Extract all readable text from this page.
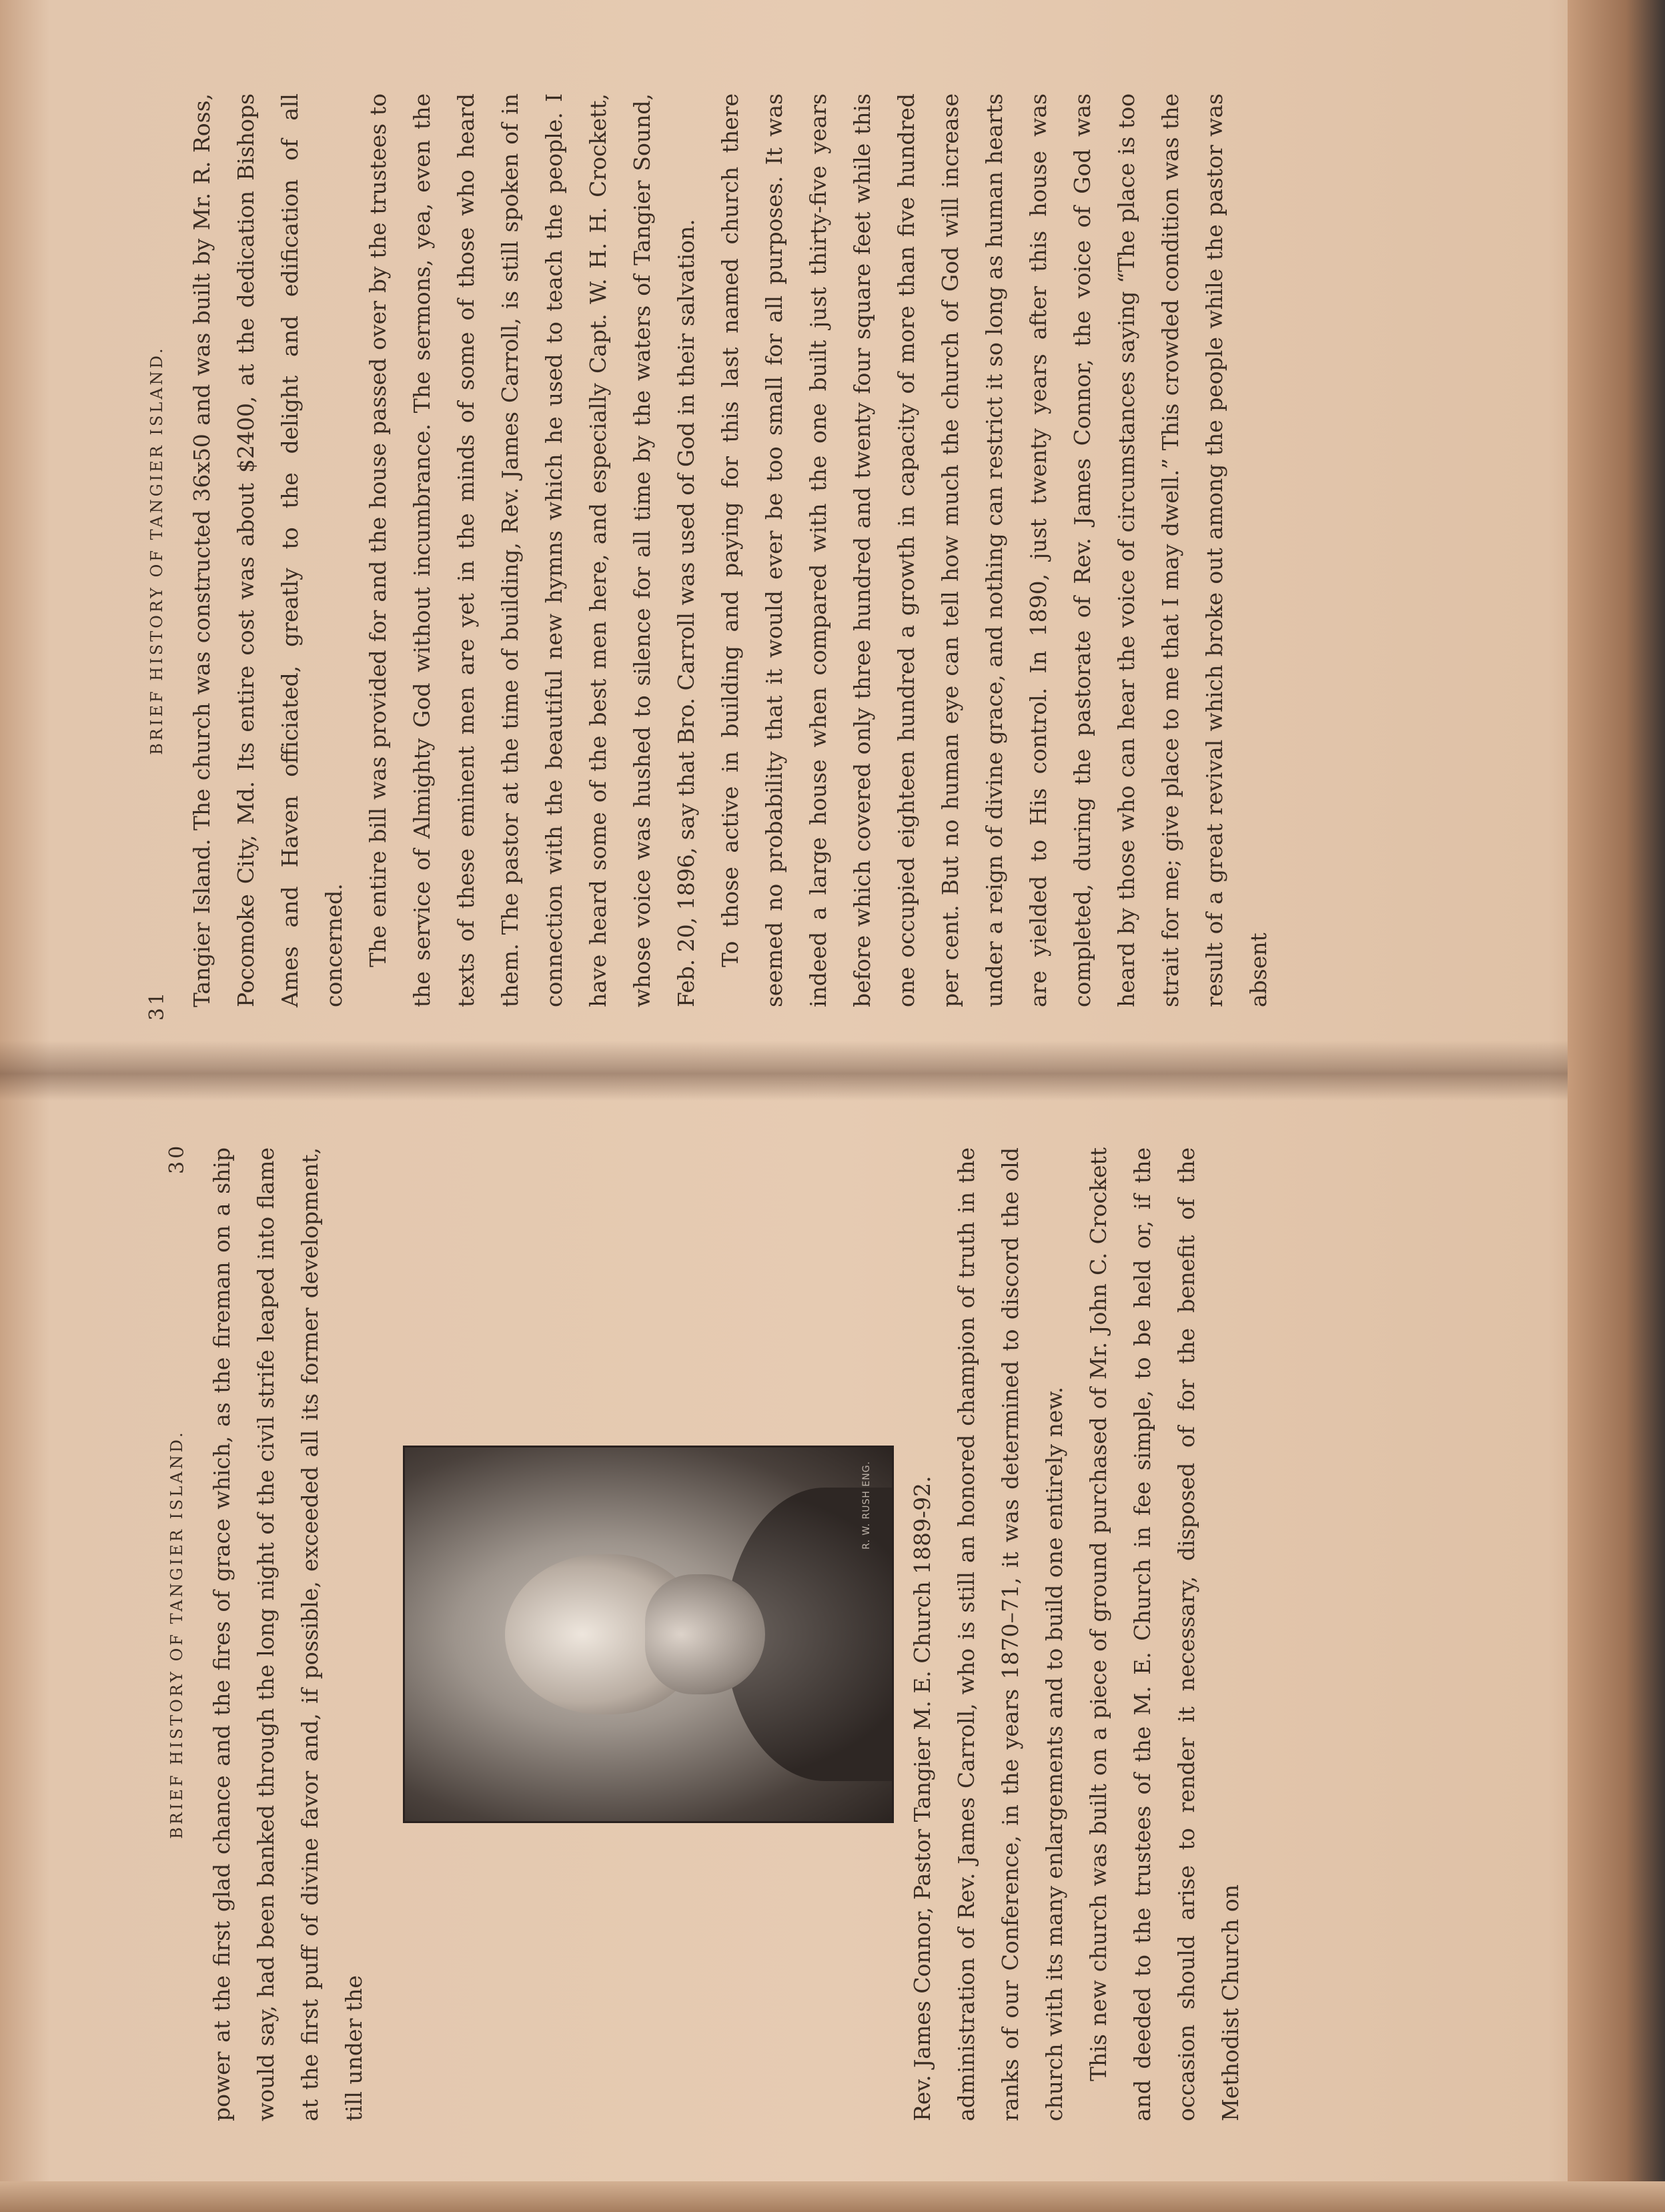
31
BRIEF HISTORY OF TANGIER ISLAND.	Tangier Island. The church was constructed 36x50 and was built by Mr. R. Ross, Pocomoke City, Md. Its entire cost was about $2400, at the dedication Bishops Ames and Haven officiated, greatly to the delight and edification of all concerned. The entire bill was provided for and the house passed over by the trustees to the service of Almighty God without incumbrance. The sermons, yea, even the texts of these eminent men are yet in the minds of some of those who heard them. The pastor at the time of building, Rev. James Carroll, is still spoken of in connection with the beautiful new hymns which he used to teach the people. I have heard some of the best men here, and especially Capt. W. H. H. Crockett, whose voice was hushed to silence for all time by the waters of Tangier Sound, Feb. 20, 1896, say that Bro. Carroll was used of God in their salvation. To those active in building and paying for this last named church there seemed no probability that it would ever be too small for all purposes. It was indeed a large house when compared with the one built just thirty-five years before which covered only three hundred and twenty four square feet while this one occupied eighteen hundred a growth in capacity of more than five hundred per cent. But no human eye can tell how much the church of God will increase under a reign of divine grace, and nothing can restrict it so long as human hearts are yielded to His control. In 1890, just twenty years after this house was completed, during the pastorate of Rev. James Connor, the voice of God was heard by those who can hear the voice of circumstances saying “The place is too strait for me; give place to me that I may dwell.” This crowded condition was the result of a great revival which broke out among the people while the pastor was absent

BRIEF HISTORY OF TANGIER ISLAND.
30 power at the first glad chance and the fires of grace which, as the fireman on a ship would say, had been banked through the long night of the civil strife leaped into flame at the first puff of divine favor and, if possible, exceeded all its former development, till under the

R. W. RUSH ENG.	Rev. James Connor, Pastor Tangier M. E. Church 1889-92. administration of Rev. James Carroll, who is still an honored champion of truth in the ranks of our Conference, in the years 1870–71, it was determined to discord the old church with its many enlargements and to build one entirely new. This new church was built on a piece of ground purchased of Mr. John C. Crockett and deeded to the trustees of the M. E. Church in fee simple, to be held or, if the occasion should arise to render it necessary, disposed of for the benefit of the Methodist Church on
